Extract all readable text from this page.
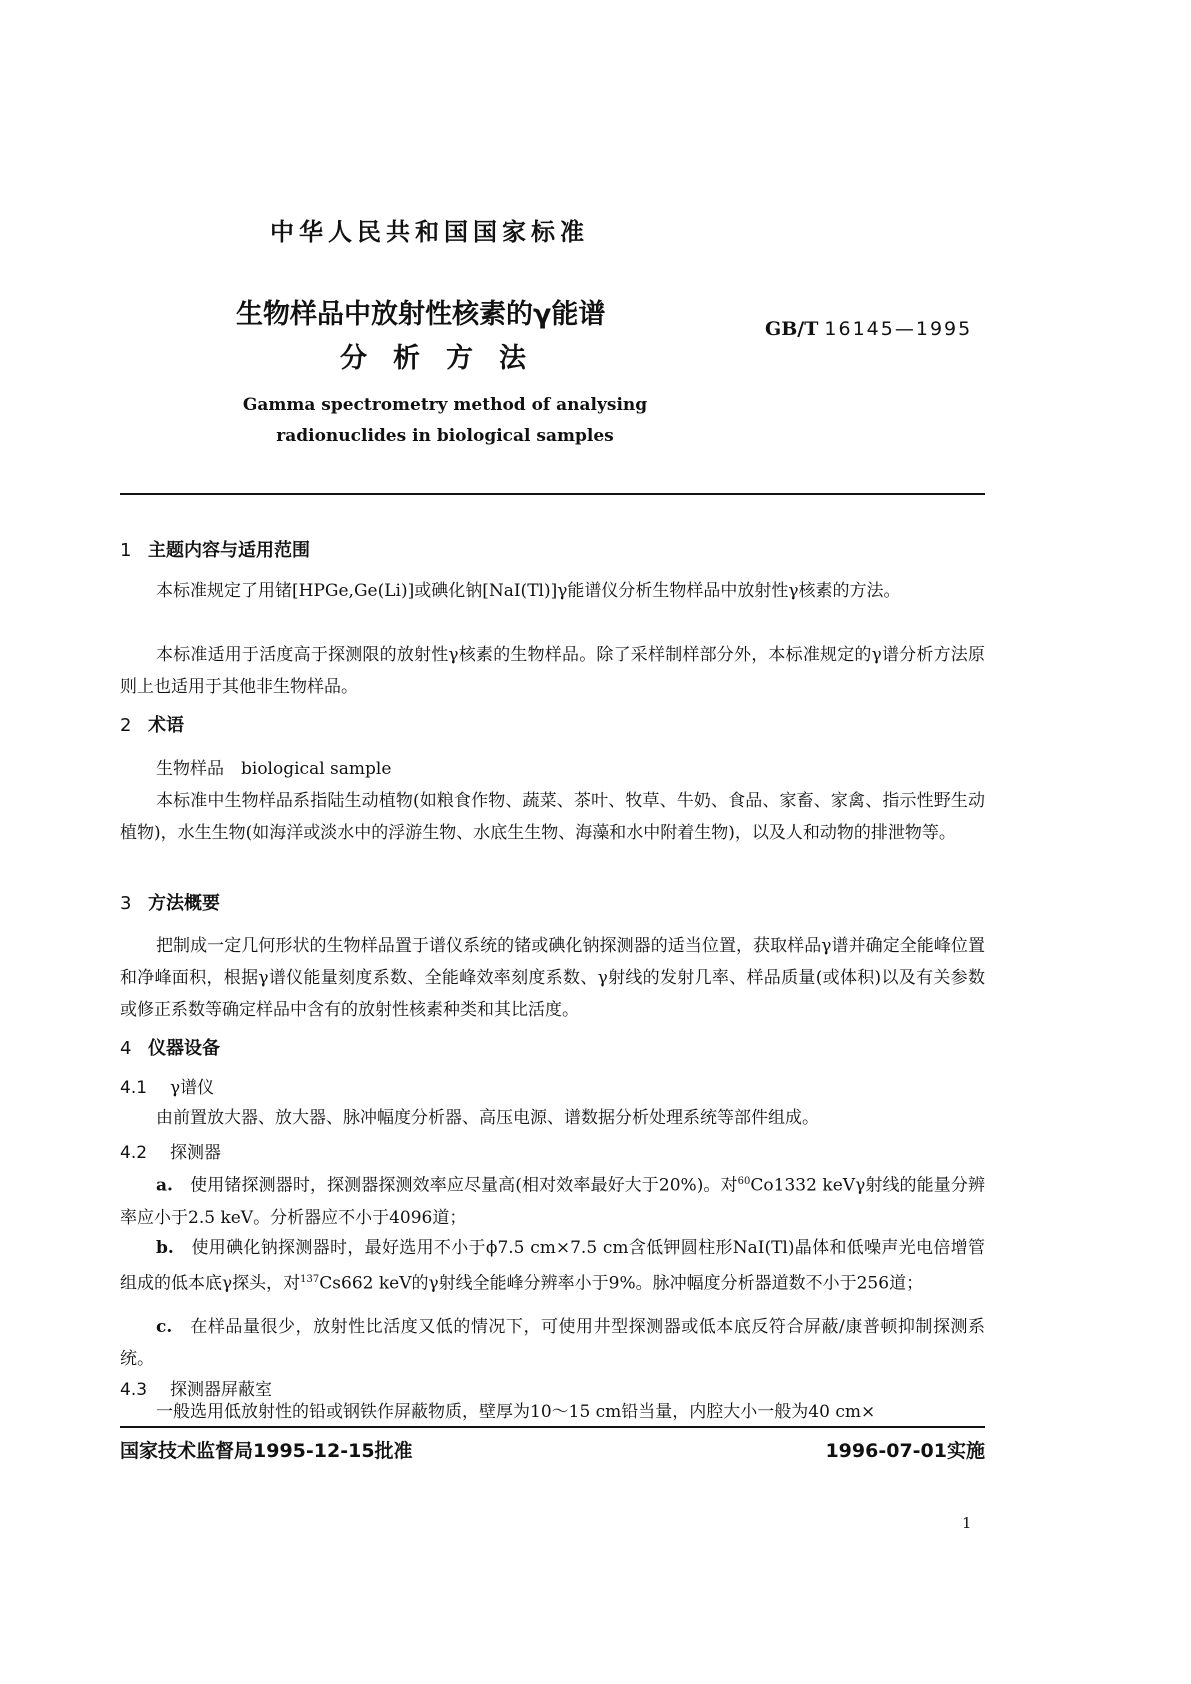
中华人民共和国国家标准
生物样品中放射性核素的γ能谱
分析方法
GB/T 16145—1995
Gamma spectrometry method of analysing
radionuclides in biological samples
1 主题内容与适用范围
本标准规定了用锗[HPGe,Ge(Li)]或碘化钠[NaI(Tl)]γ能谱仪分析生物样品中放射性γ核素的方法。
本标准适用于活度高于探测限的放射性γ核素的生物样品。除了采样制样部分外，本标准规定的γ谱分析方法原则上也适用于其他非生物样品。
2 术语
生物样品　biological sample
本标准中生物样品系指陆生动植物(如粮食作物、蔬菜、茶叶、牧草、牛奶、食品、家畜、家禽、指示性野生动植物)，水生生物(如海洋或淡水中的浮游生物、水底生生物、海藻和水中附着生物)，以及人和动物的排泄物等。
3 方法概要
把制成一定几何形状的生物样品置于谱仪系统的锗或碘化钠探测器的适当位置，获取样品γ谱并确定全能峰位置和净峰面积，根据γ谱仪能量刻度系数、全能峰效率刻度系数、γ射线的发射几率、样品质量(或体积)以及有关参数或修正系数等确定样品中含有的放射性核素种类和其比活度。
4 仪器设备
4.1 γ谱仪
由前置放大器、放大器、脉冲幅度分析器、高压电源、谱数据分析处理系统等部件组成。
4.2 探测器
a.　 使用锗探测器时，探测器探测效率应尽量高(相对效率最好大于20%)。对$^{60}$Co1332 keVγ射线的能量分辨率应小于2.5 keV。分析器应不小于4096道；
b.　 使用碘化钠探测器时，最好选用不小于ϕ7.5 cm×7.5 cm含低钾圆柱形NaI(Tl)晶体和低噪声光电倍增管组成的低本底γ探头，对$^{137}$Cs662 keV的γ射线全能峰分辨率小于9%。脉冲幅度分析器道数不小于256道；
c.　 在样品量很少，放射性比活度又低的情况下，可使用井型探测器或低本底反符合屏蔽/康普顿抑制探测系统。
4.3 探测器屏蔽室
一般选用低放射性的铅或钢铁作屏蔽物质，壁厚为10～15 cm铅当量，内腔大小一般为40 cm×
国家技术监督局1995-12-15批准	1996-07-01实施
1
